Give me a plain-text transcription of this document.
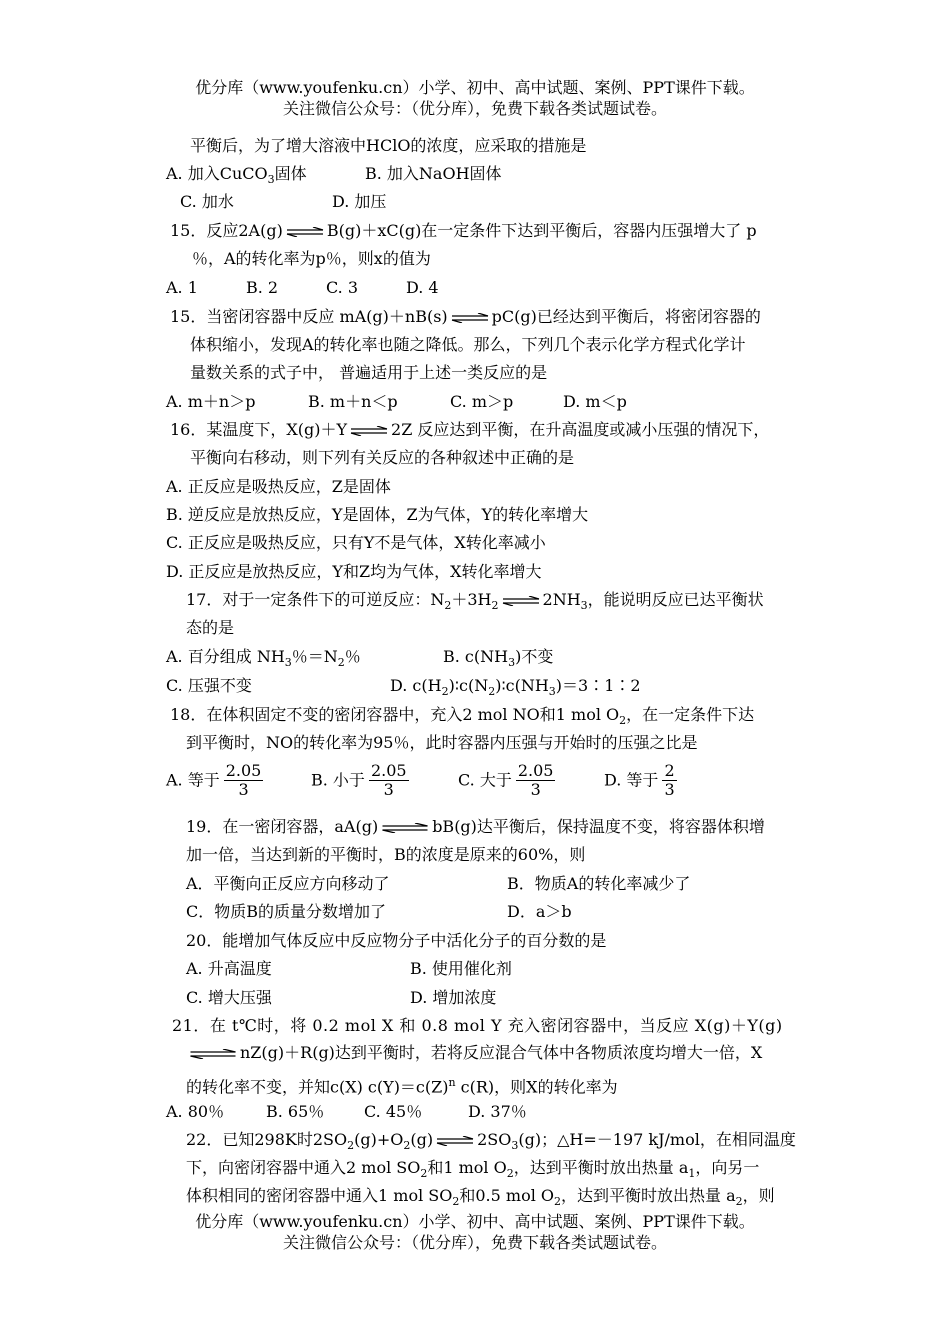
优分库（www.youfenku.cn）小学、初中、高中试题、案例、PPT课件下载。
关注微信公众号：（优分库），免费下载各类试题试卷。
平衡后，为了增大溶液中HClO的浓度，应采取的措施是
A. 加入CuCO$_3$固体	B. 加入NaOH固体
C. 加水	D. 加压
15．反应2A(g)	B(g)＋xC(g)在一定条件下达到平衡后，容器内压强增大了 p
％，A的转化率为p％，则x的值为
A. 1	B. 2	C. 3	D. 4
15．当密闭容器中反应 mA(g)＋nB(s)	pC(g)已经达到平衡后，将密闭容器的
体积缩小，发现A的转化率也随之降低。那么，下列几个表示化学方程式化学计
量数关系的式子中， 普遍适用于上述一类反应的是
A. m＋n＞p	B. m＋n＜p	C. m＞p	D. m＜p
16．某温度下，X(g)＋Y	2Z 反应达到平衡，在升高温度或减小压强的情况下，
平衡向右移动，则下列有关反应的各种叙述中正确的是
A. 正反应是吸热反应，Z是固体
B. 逆反应是放热反应，Y是固体，Z为气体，Y的转化率增大
C. 正反应是吸热反应，只有Y不是气体，X转化率减小
D. 正反应是放热反应，Y和Z均为气体，X转化率增大
17．对于一定条件下的可逆反应：$N_2+3H_2$	$2NH_3$，能说明反应已达平衡状
态的是
A. 百分组成 $NH_3$％$=N_2$％	B. $c(NH_3)$不变
C. 压强不变	D. $c(H_2)∶c(N_2)∶c(NH_3)=3∶1∶2$
18．在体积固定不变的密闭容器中，充入2 mol NO和1 mol $O_2$，在一定条件下达
到平衡时，NO的转化率为95％，此时容器内压强与开始时的压强之比是
A. 等于 $\frac{2.05}{3}$	B. 小于 $\frac{2.05}{3}$	C. 大于 $\frac{2.05}{3}$	D. 等于 $\frac{2}{3}$
19．在一密闭容器，aA(g)	bB(g)达平衡后，保持温度不变，将容器体积增
加一倍，当达到新的平衡时，B的浓度是原来的60%，则
A．平衡向正反应方向移动了	B．物质A的转化率减少了
C．物质B的质量分数增加了	D．a＞b
20．能增加气体反应中反应物分子中活化分子的百分数的是
A. 升高温度	B. 使用催化剂
C. 增大压强	D. 增加浓度
21．在 t℃时，将 0.2 mol X 和 0.8 mol Y 充入密闭容器中，当反应 X(g)＋Y(g)
nZ(g)＋R(g)达到平衡时，若将反应混合气体中各物质浓度均增大一倍，X
的转化率不变，并知c(X) $c(Y)=c(Z)^n$ c(R)，则X的转化率为
A. 80％	B. 65％ C. 45％	D. 37％
22．已知298K时$2SO_2(g)+O_2(g)$	$2SO_3(g)$；△H=－197 kJ/mol，在相同温度
下，向密闭容器中通入2 mol $SO_2$和1 mol $O_2$，达到平衡时放出热量 $a_1$，向另一
体积相同的密闭容器中通入1 mol $SO_2$和0.5 mol $O_2$，达到平衡时放出热量 $a_2$，则
优分库（www.youfenku.cn）小学、初中、高中试题、案例、PPT课件下载。
关注微信公众号：（优分库），免费下载各类试题试卷。
